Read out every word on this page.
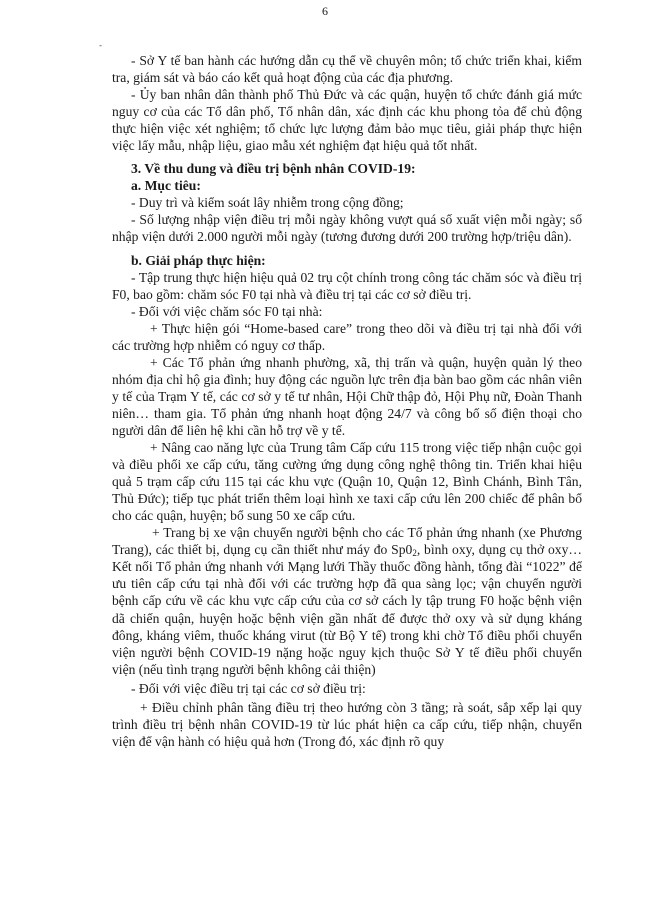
6
-

- Sở Y tế ban hành các hướng dẫn cụ thể về chuyên môn; tổ chức triển khai, kiểm tra, giám sát và báo cáo kết quả hoạt động của các địa phương.

- Ủy ban nhân dân thành phố Thủ Đức và các quận, huyện tổ chức đánh giá mức nguy cơ của các Tổ dân phố, Tổ nhân dân, xác định các khu phong tỏa để chủ động thực hiện việc xét nghiệm; tổ chức lực lượng đảm bảo mục tiêu, giải pháp thực hiện việc lấy mẫu, nhập liệu, giao mẫu xét nghiệm đạt hiệu quả tốt nhất.

3. Về thu dung và điều trị bệnh nhân COVID-19:

a. Mục tiêu:

- Duy trì và kiểm soát lây nhiễm trong cộng đồng;

- Số lượng nhập viện điều trị mỗi ngày không vượt quá số xuất viện mỗi ngày; số nhập viện dưới 2.000 người mỗi ngày (tương đương dưới 200 trường hợp/triệu dân).

b. Giải pháp thực hiện:

- Tập trung thực hiện hiệu quả 02 trụ cột chính trong công tác chăm sóc và điều trị F0, bao gồm: chăm sóc F0 tại nhà và điều trị tại các cơ sở điều trị.

- Đối với việc chăm sóc F0 tại nhà:

+ Thực hiện gói “Home-based care” trong theo dõi và điều trị tại nhà đối với các trường hợp nhiễm có nguy cơ thấp.

+ Các Tổ phản ứng nhanh phường, xã, thị trấn và quận, huyện quản lý theo nhóm địa chỉ hộ gia đình; huy động các nguồn lực trên địa bàn bao gồm các nhân viên y tế của Trạm Y tế, các cơ sở y tế tư nhân, Hội Chữ thập đỏ, Hội Phụ nữ, Đoàn Thanh niên… tham gia. Tổ phản ứng nhanh hoạt động 24/7 và công bố số điện thoại cho người dân để liên hệ khi cần hỗ trợ về y tế.

+ Nâng cao năng lực của Trung tâm Cấp cứu 115 trong việc tiếp nhận cuộc gọi và điều phối xe cấp cứu, tăng cường ứng dụng công nghệ thông tin. Triển khai hiệu quả 5 trạm cấp cứu 115 tại các khu vực (Quận 10, Quận 12, Bình Chánh, Bình Tân, Thủ Đức); tiếp tục phát triển thêm loại hình xe taxi cấp cứu lên 200 chiếc để phân bổ cho các quận, huyện; bổ sung 50 xe cấp cứu.

+ Trang bị xe vận chuyển người bệnh cho các Tổ phản ứng nhanh (xe Phương Trang), các thiết bị, dụng cụ cần thiết như máy đo $Sp0_2$, bình oxy, dụng cụ thở oxy…Kết nối Tổ phản ứng nhanh với Mạng lưới Thầy thuốc đồng hành, tổng đài “1022” để ưu tiên cấp cứu tại nhà đối với các trường hợp đã qua sàng lọc; vận chuyển người bệnh cấp cứu về các khu vực cấp cứu của cơ sở cách ly tập trung F0 hoặc bệnh viện dã chiến quận, huyện hoặc bệnh viện gần nhất để được thở oxy và sử dụng kháng đông, kháng viêm, thuốc kháng virut (từ Bộ Y tế) trong khi chờ Tổ điều phối chuyển viện người bệnh COVID-19 nặng hoặc nguy kịch thuộc Sở Y tế điều phối chuyển viện (nếu tình trạng người bệnh không cải thiện)

- Đối với việc điều trị tại các cơ sở điều trị:

+ Điều chỉnh phân tầng điều trị theo hướng còn 3 tầng; rà soát, sắp xếp lại quy trình điều trị bệnh nhân COVID-19 từ lúc phát hiện ca cấp cứu, tiếp nhận, chuyển viện để vận hành có hiệu quả hơn (Trong đó, xác định rõ quy
